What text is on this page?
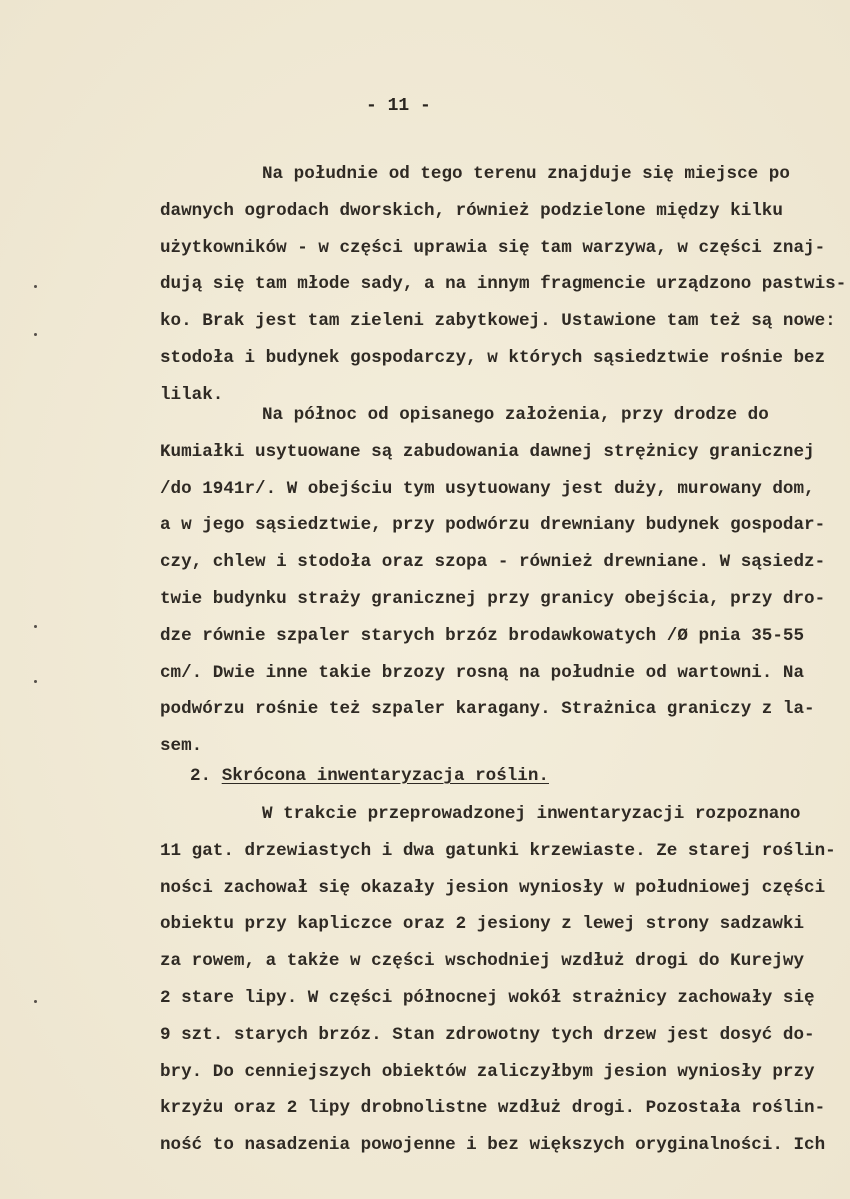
- 11 -
Na południe od tego terenu znajduje się miejsce po
dawnych ogrodach dworskich, również podzielone między kilku
użytkowników - w części uprawia się tam warzywa, w części znaj-
dują się tam młode sady, a na innym fragmencie urządzono pastwis-
ko. Brak jest tam zieleni zabytkowej. Ustawione tam też są nowe:
stodoła i budynek gospodarczy, w których sąsiedztwie rośnie bez
lilak.
Na północ od opisanego założenia, przy drodze do
Kumiałki usytuowane są zabudowania dawnej strężnicy granicznej
/do 1941r/. W obejściu tym usytuowany jest duży, murowany dom,
a w jego sąsiedztwie, przy podwórzu drewniany budynek gospodar-
czy, chlew i stodoła oraz szopa - również drewniane. W sąsiedz-
twie budynku straży granicznej przy granicy obejścia, przy dro-
dze równie szpaler starych brzóz brodawkowatych /Ø pnia 35-55
cm/. Dwie inne takie brzozy rosną na południe od wartowni. Na
podwórzu rośnie też szpaler karagany. Strażnica graniczy z la-
sem.
2. Skrócona inwentaryzacja roślin.
W trakcie przeprowadzonej inwentaryzacji rozpoznano
11 gat. drzewiastych i dwa gatunki krzewiaste. Ze starej roślin-
ności zachował się okazały jesion wyniosły w południowej części
obiektu przy kapliczce oraz 2 jesiony z lewej strony sadzawki
za rowem, a także w części wschodniej wzdłuż drogi do Kurejwy
2 stare lipy. W części północnej wokół strażnicy zachowały się
9 szt. starych brzóz. Stan zdrowotny tych drzew jest dosyć do-
bry. Do cenniejszych obiektów zaliczyłbym jesion wyniosły przy
krzyżu oraz 2 lipy drobnolistne wzdłuż drogi. Pozostała roślin-
ność to nasadzenia powojenne i bez większych oryginalności. Ich
